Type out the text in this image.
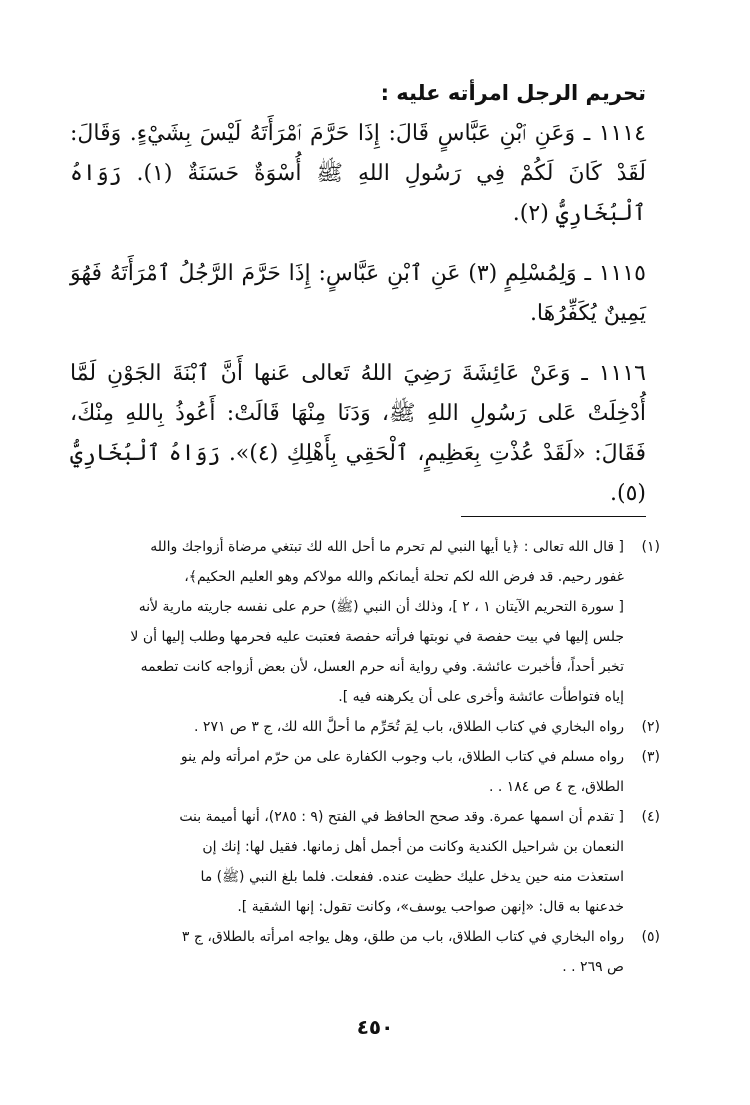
تحريم الرجل امرأته عليه :

١١١٤ ـ وَعَنِ ٱبْنِ عَبَّاسٍ قَالَ: إِذَا حَرَّمَ ٱمْرَأَتَهُ لَيْسَ بِشَيْءٍ. وَقَالَ: لَقَدْ كَانَ لَكُمْ فِي رَسُولِ اللهِ ﷺ أُسْوَةٌ حَسَنَةٌ (١). رَوَاهُ ٱلْبُخَارِيُّ (٢).

١١١٥ ـ وَلِمُسْلِمٍ (٣) عَنِ ٱبْنِ عَبَّاسٍ: إِذَا حَرَّمَ الرَّجُلُ ٱمْرَأَتَهُ فَهُوَ يَمِينٌ يُكَفِّرُهَا.

١١١٦ ـ وَعَنْ عَائِشَةَ رَضِيَ اللهُ تَعالى عَنها أَنَّ ٱبْنَةَ الجَوْنِ لَمَّا أُدْخِلَتْ عَلى رَسُولِ اللهِ ﷺ، وَدَنَا مِنْهَا قَالَتْ: أَعُوذُ بِاللهِ مِنْكَ، فَقَالَ: «لَقَدْ عُذْتِ بِعَظِيمٍ، ٱلْحَقِي بِأَهْلِكِ (٤)». رَوَاهُ ٱلْبُخَارِيُّ (٥).

(١)
[ قال الله تعالى : ﴿يا أيها النبي لم تحرم ما أحل الله لك تبتغي مرضاة أزواجك والله
غفور رحيم. قد فرض الله لكم تحلة أيمانكم والله مولاكم وهو العليم الحكيم﴾،
[ سورة التحريم الآيتان ١ ، ٢ ]، وذلك أن النبي (ﷺ) حرم على نفسه جاريته مارية لأنه
جلس إليها في بيت حفصة في نوبتها فرأته حفصة فعتبت عليه فحرمها وطلب إليها أن لا
تخبر أحداً، فأخبرت عائشة. وفي رواية أنه حرم العسل، لأن بعض أزواجه كانت تطعمه
إياه فتواطأت عائشة وأخرى على أن يكرهنه فيه ].
(٢)
رواه البخاري في كتاب الطلاق، باب لِمَ تُحَرِّم ما أحلَّ الله لك، ج ٣ ص ٢٧١ .
(٣)
رواه مسلم في كتاب الطلاق، باب وجوب الكفارة على من حرّم امرأته ولم ينو
الطلاق، ج ٤ ص ١٨٤ . .
(٤)
[ تقدم أن اسمها عمرة. وقد صحح الحافظ في الفتح (٩ : ٢٨٥)، أنها أميمة بنت
النعمان بن شراحيل الكندية وكانت من أجمل أهل زمانها. فقيل لها: إنك إن
استعذت منه حين يدخل عليك حظيت عنده. ففعلت. فلما بلغ النبي (ﷺ) ما
خدعنها به قال: «إنهن صواحب يوسف»، وكانت تقول: إنها الشقية ].
(٥)
رواه البخاري في كتاب الطلاق، باب من طلق، وهل يواجه امرأته بالطلاق، ج ٣
ص ٢٦٩ . .
٤٥٠
